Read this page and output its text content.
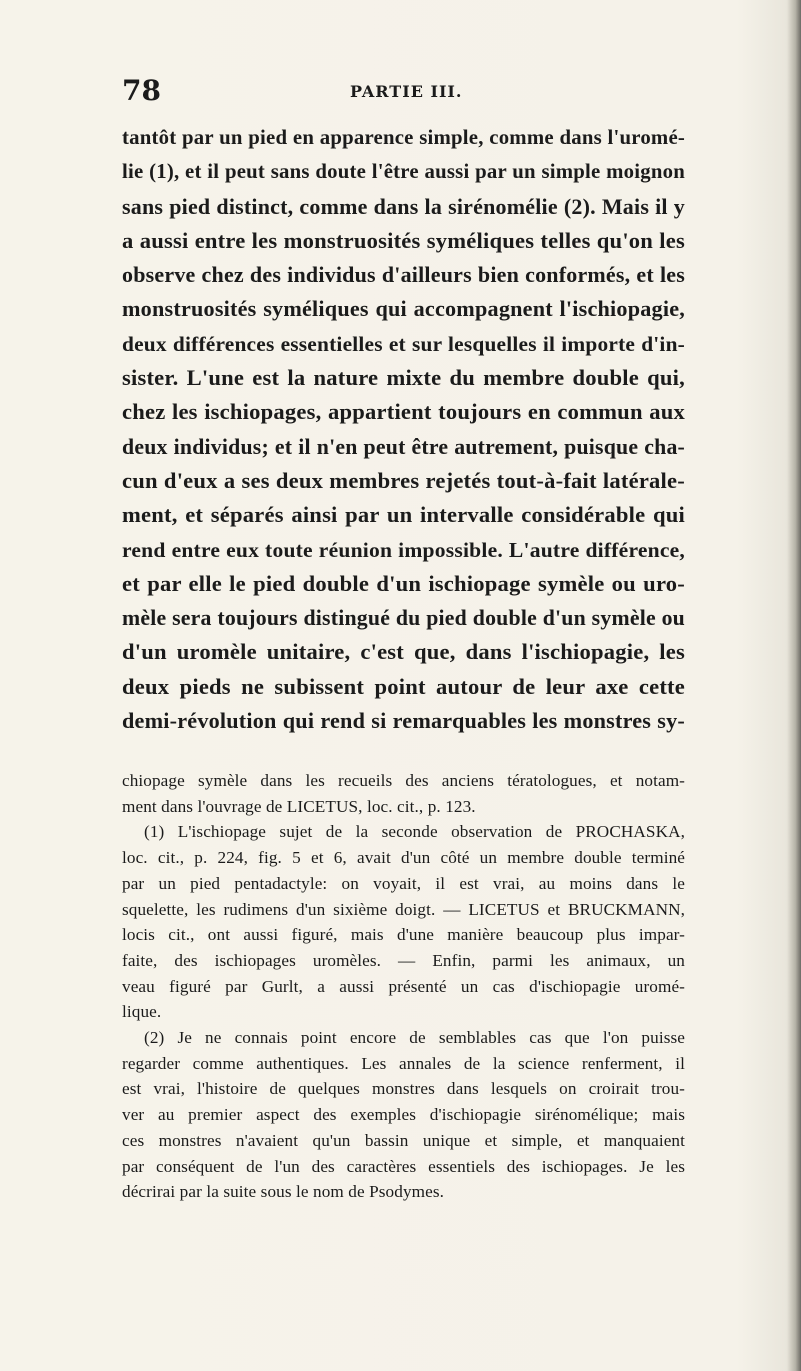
78	PARTIE III.
tantôt par un pied en apparence simple, comme dans l'uromé-
lie (1), et il peut sans doute l'être aussi par un simple moignon
sans pied distinct, comme dans la sirénomélie (2). Mais il y
a aussi entre les monstruosités syméliques telles qu'on les
observe chez des individus d'ailleurs bien conformés, et les
monstruosités syméliques qui accompagnent l'ischiopagie,
deux différences essentielles et sur lesquelles il importe d'in-
sister. L'une est la nature mixte du membre double qui,
chez les ischiopages, appartient toujours en commun aux
deux individus; et il n'en peut être autrement, puisque cha-
cun d'eux a ses deux membres rejetés tout-à-fait latérale-
ment, et séparés ainsi par un intervalle considérable qui
rend entre eux toute réunion impossible. L'autre différence,
et par elle le pied double d'un ischiopage symèle ou uro-
mèle sera toujours distingué du pied double d'un symèle ou
d'un uromèle unitaire, c'est que, dans l'ischiopagie, les
deux pieds ne subissent point autour de leur axe cette
demi-révolution qui rend si remarquables les monstres sy-
chiopage symèle dans les recueils des anciens tératologues, et notam-
ment dans l'ouvrage de LICETUS, loc. cit., p. 123.
(1) L'ischiopage sujet de la seconde observation de PROCHASKA,
loc. cit., p. 224, fig. 5 et 6, avait d'un côté un membre double terminé
par un pied pentadactyle: on voyait, il est vrai, au moins dans le
squelette, les rudimens d'un sixième doigt. — LICETUS et BRUCKMANN,
locis cit., ont aussi figuré, mais d'une manière beaucoup plus impar-
faite, des ischiopages uromèles. — Enfin, parmi les animaux, un
veau figuré par Gurlt, a aussi présenté un cas d'ischiopagie uromé-
lique.
(2) Je ne connais point encore de semblables cas que l'on puisse
regarder comme authentiques. Les annales de la science renferment, il
est vrai, l'histoire de quelques monstres dans lesquels on croirait trou-
ver au premier aspect des exemples d'ischiopagie sirénomélique; mais
ces monstres n'avaient qu'un bassin unique et simple, et manquaient
par conséquent de l'un des caractères essentiels des ischiopages. Je les
décrirai par la suite sous le nom de Psodymes.
